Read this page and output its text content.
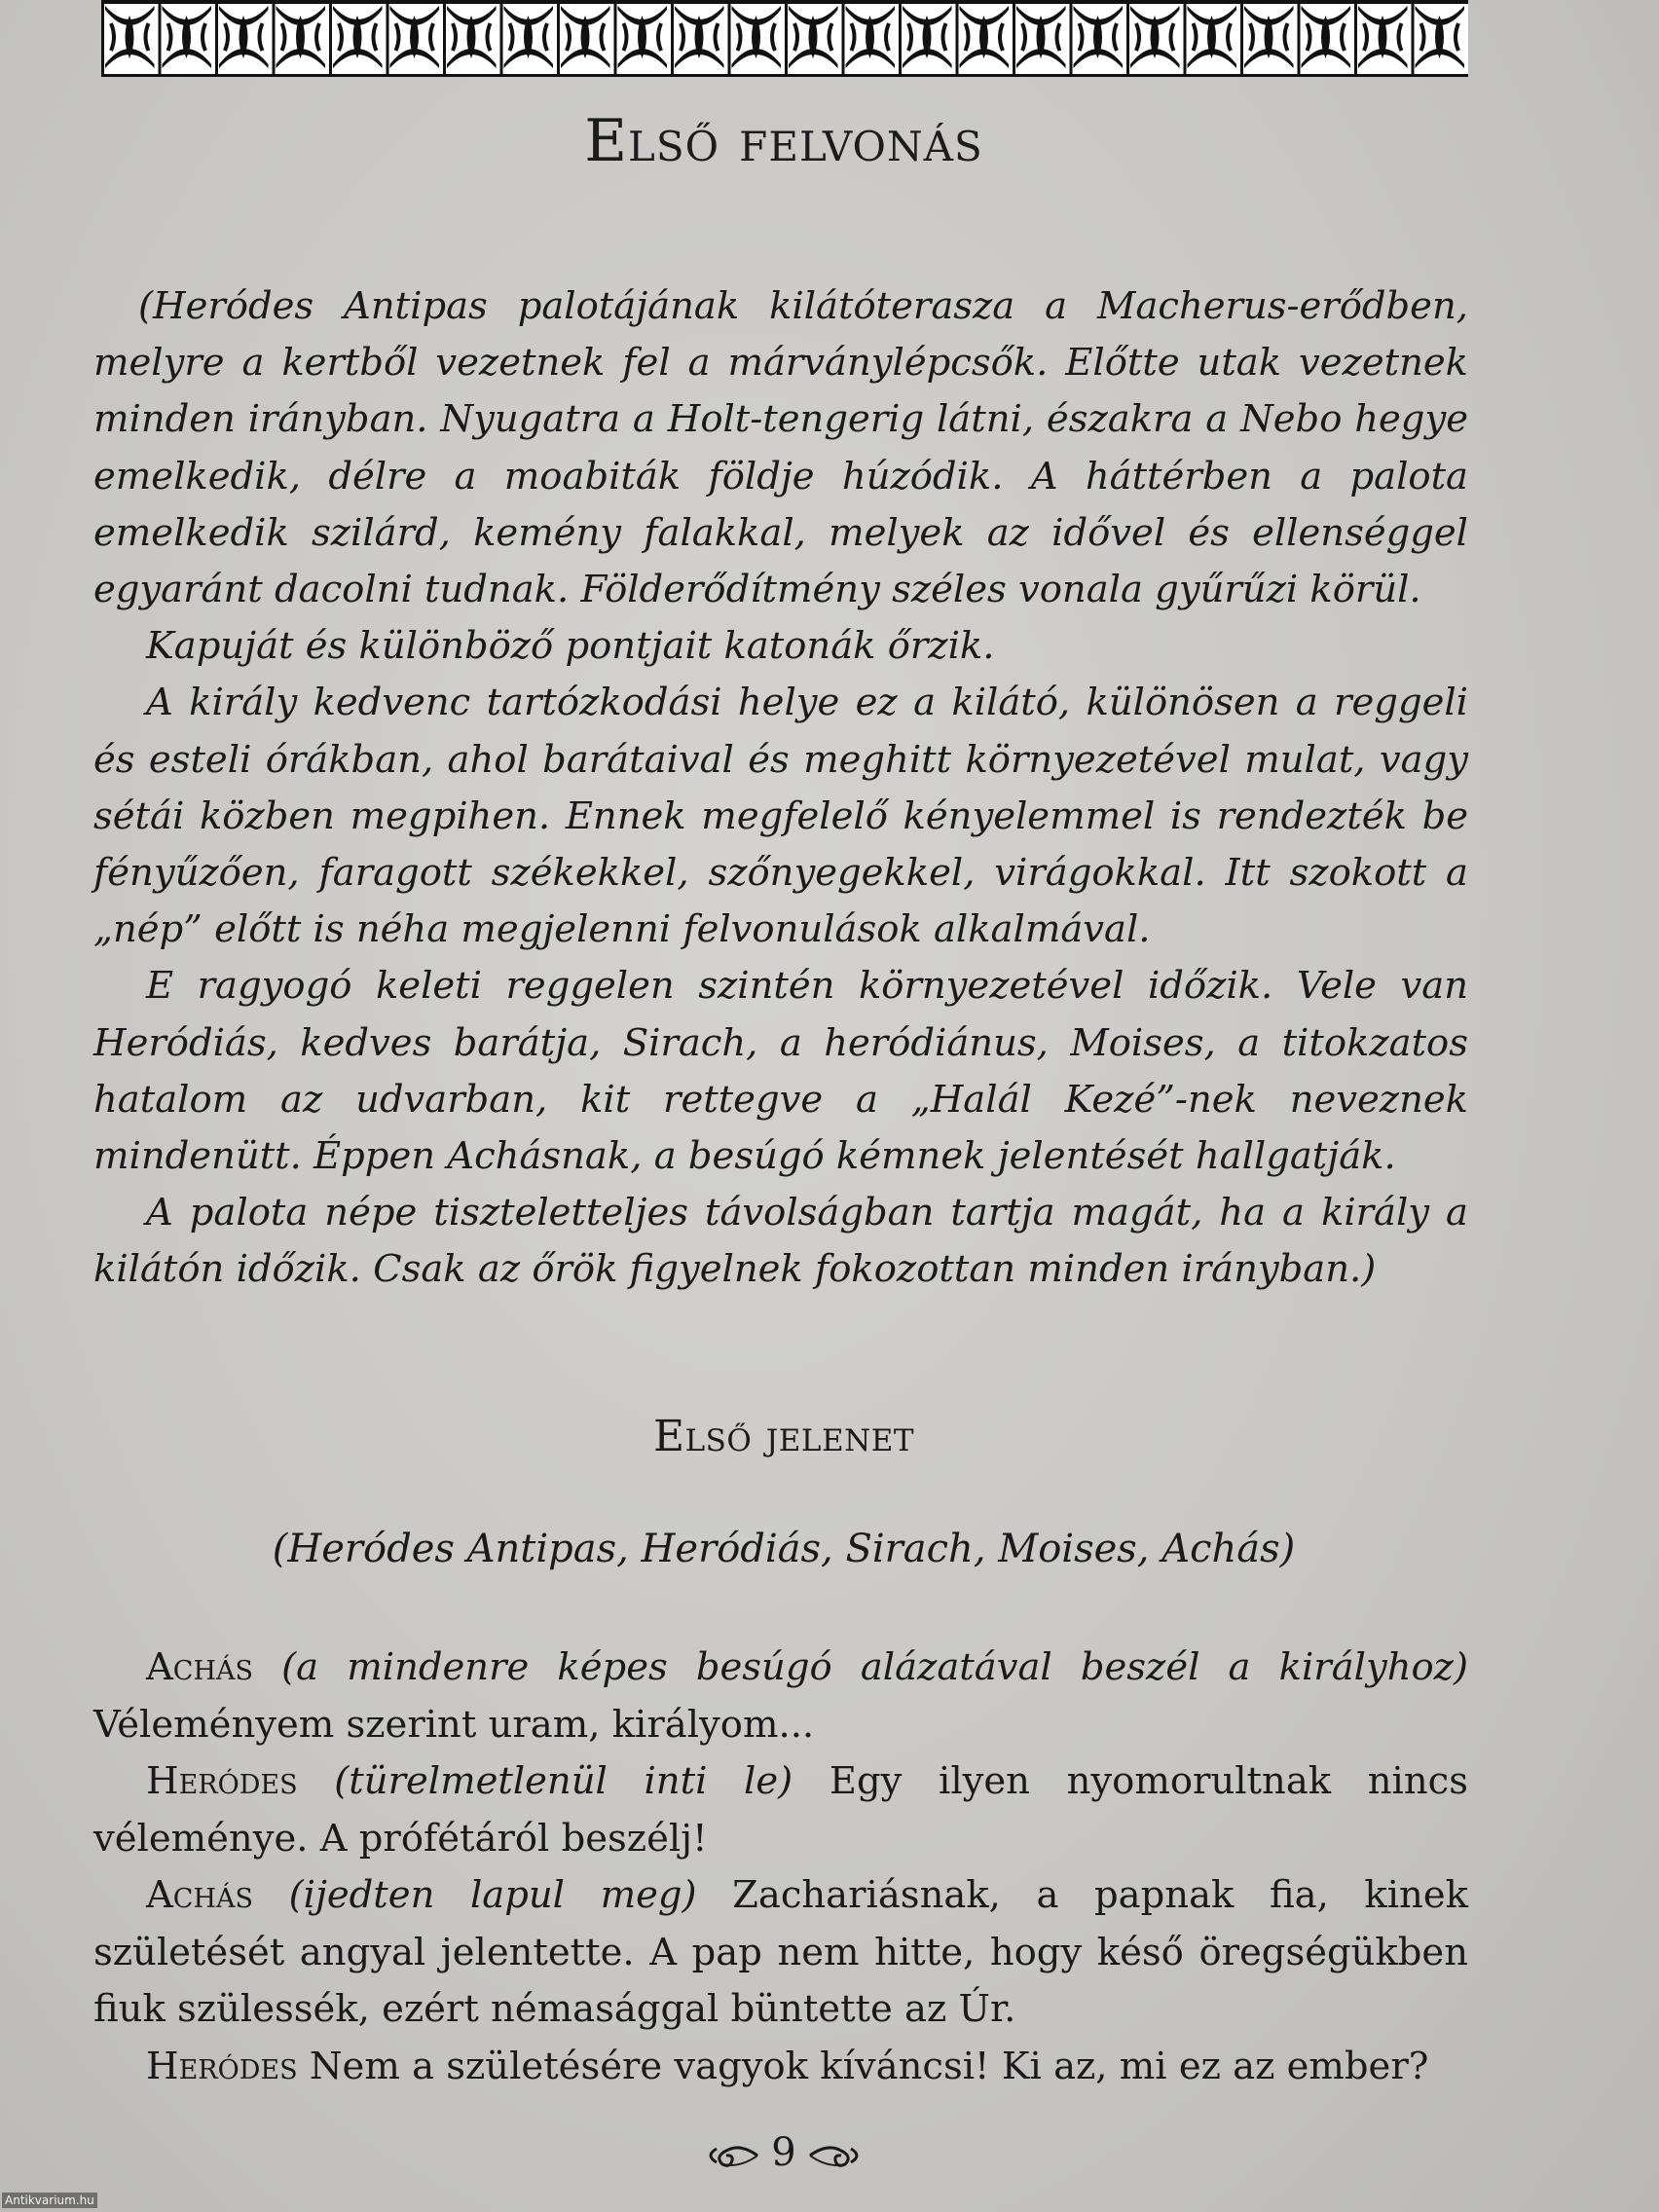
Első felvonás

(Heródes Antipas palotájának kilátóterasza a Macherus-erődben, melyre a kertből vezetnek fel a márványlépcsők. Előtte utak vezetnek minden irányban. Nyugatra a Holt-tengerig látni, északra a Nebo hegye emelkedik, délre a moabiták földje húzódik. A háttérben a palota emelkedik szilárd, kemény falakkal, melyek az idővel és ellenséggel egyaránt dacolni tudnak. Földerődítmény széles vonala gyűrűzi körül.

Kapuját és különböző pontjait katonák őrzik.

A király kedvenc tartózkodási helye ez a kilátó, különösen a reggeli és esteli órákban, ahol barátaival és meghitt környezetével mulat, vagy sétái közben megpihen. Ennek megfelelő kényelemmel is rendezték be fényűzően, faragott székekkel, szőnyegekkel, virágokkal. Itt szokott a „nép” előtt is néha megjelenni felvonulások alkalmával.

E ragyogó keleti reggelen szintén környezetével időzik. Vele van Heródiás, kedves barátja, Sirach, a heródiánus, Moises, a titokzatos hatalom az udvarban, kit rettegve a „Halál Kezé”-nek neveznek mindenütt. Éppen Achásnak, a besúgó kémnek jelentését hallgatják.

A palota népe tiszteletteljes távolságban tartja magát, ha a király a kilátón időzik. Csak az őrök figyelnek fokozottan minden irányban.)

Első jelenet
(Heródes Antipas, Heródiás, Sirach, Moises, Achás)

Achás (a mindenre képes besúgó alázatával beszél a királyhoz) Véleményem szerint uram, királyom...

Heródes (türelmetlenül inti le) Egy ilyen nyomorultnak nincs véleménye. A prófétáról beszélj!

Achás (ijedten lapul meg) Zachariásnak, a papnak fia, kinek születését angyal jelentette. A pap nem hitte, hogy késő öregségükben fiuk szülessék, ezért némasággal büntette az Úr.

Heródes Nem a születésére vagyok kíváncsi! Ki az, mi ez az ember?

9
Antikvarium.hu
